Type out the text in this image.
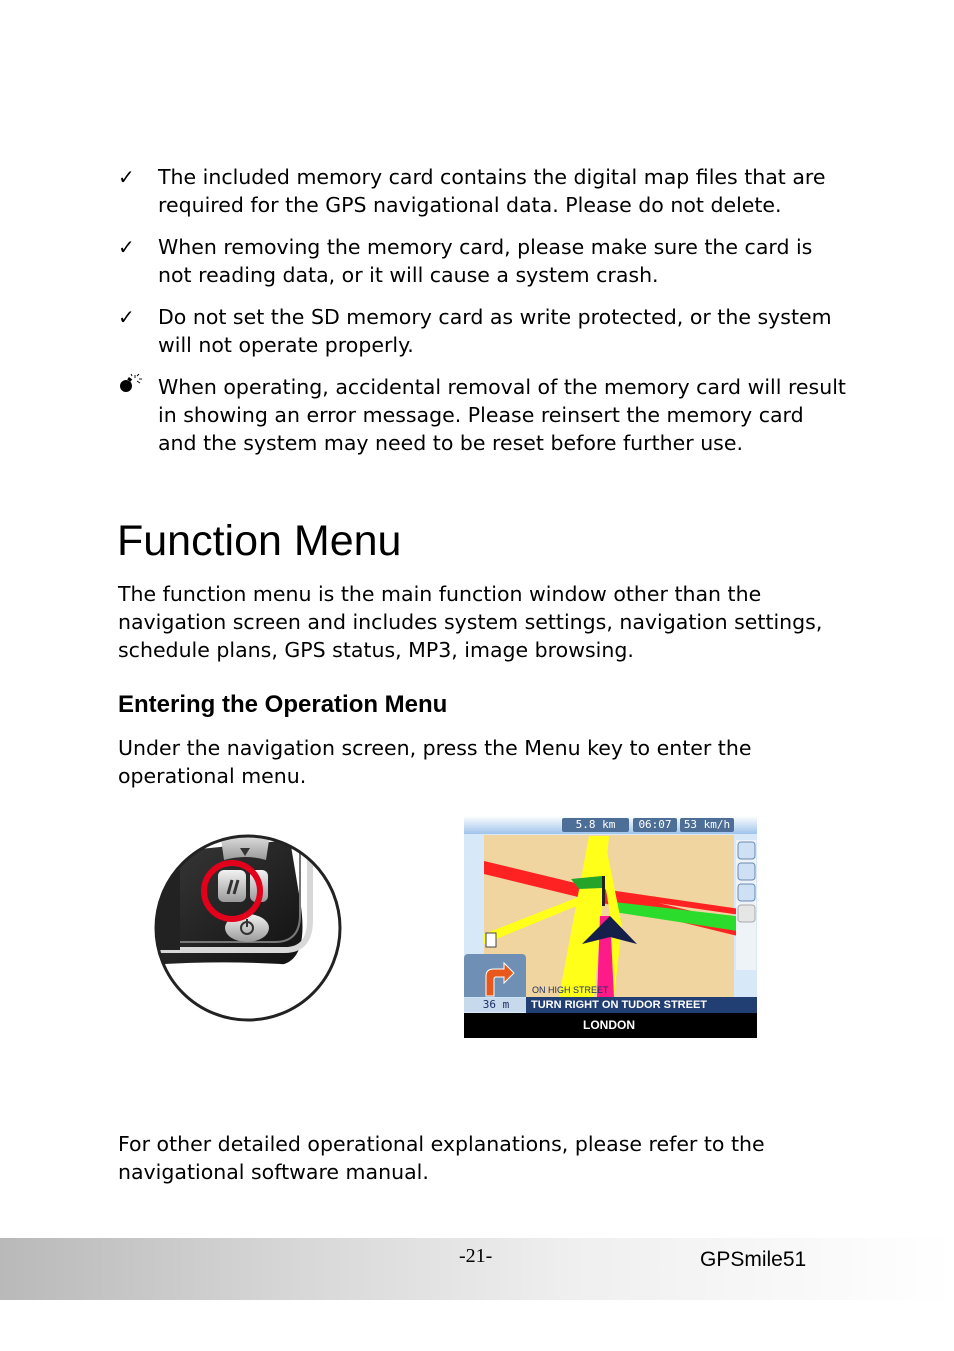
✓	The included memory card contains the digital map files that are required for the GPS navigational data. Please do not delete.
✓	When removing the memory card, please make sure the card is not reading data, or it will cause a system crash.
✓	Do not set the SD memory card as write protected, or the system will not operate properly.
When operating, accidental removal of the memory card will result in showing an error message. Please reinsert the memory card and the system may need to be reset before further use.
Function Menu
The function menu is the main function window other than the navigation screen and includes system settings, navigation settings, schedule plans, GPS status, MP3, image browsing.
Entering the Operation Menu
Under the navigation screen, press the Menu key to enter the operational menu.
5.8 km	06:07	53 km/h
ON HIGH STREET
36 m	TURN RIGHT ON TUDOR STREET
LONDON
For other detailed operational explanations, please refer to the navigational software manual.
-21-	GPSmile51
